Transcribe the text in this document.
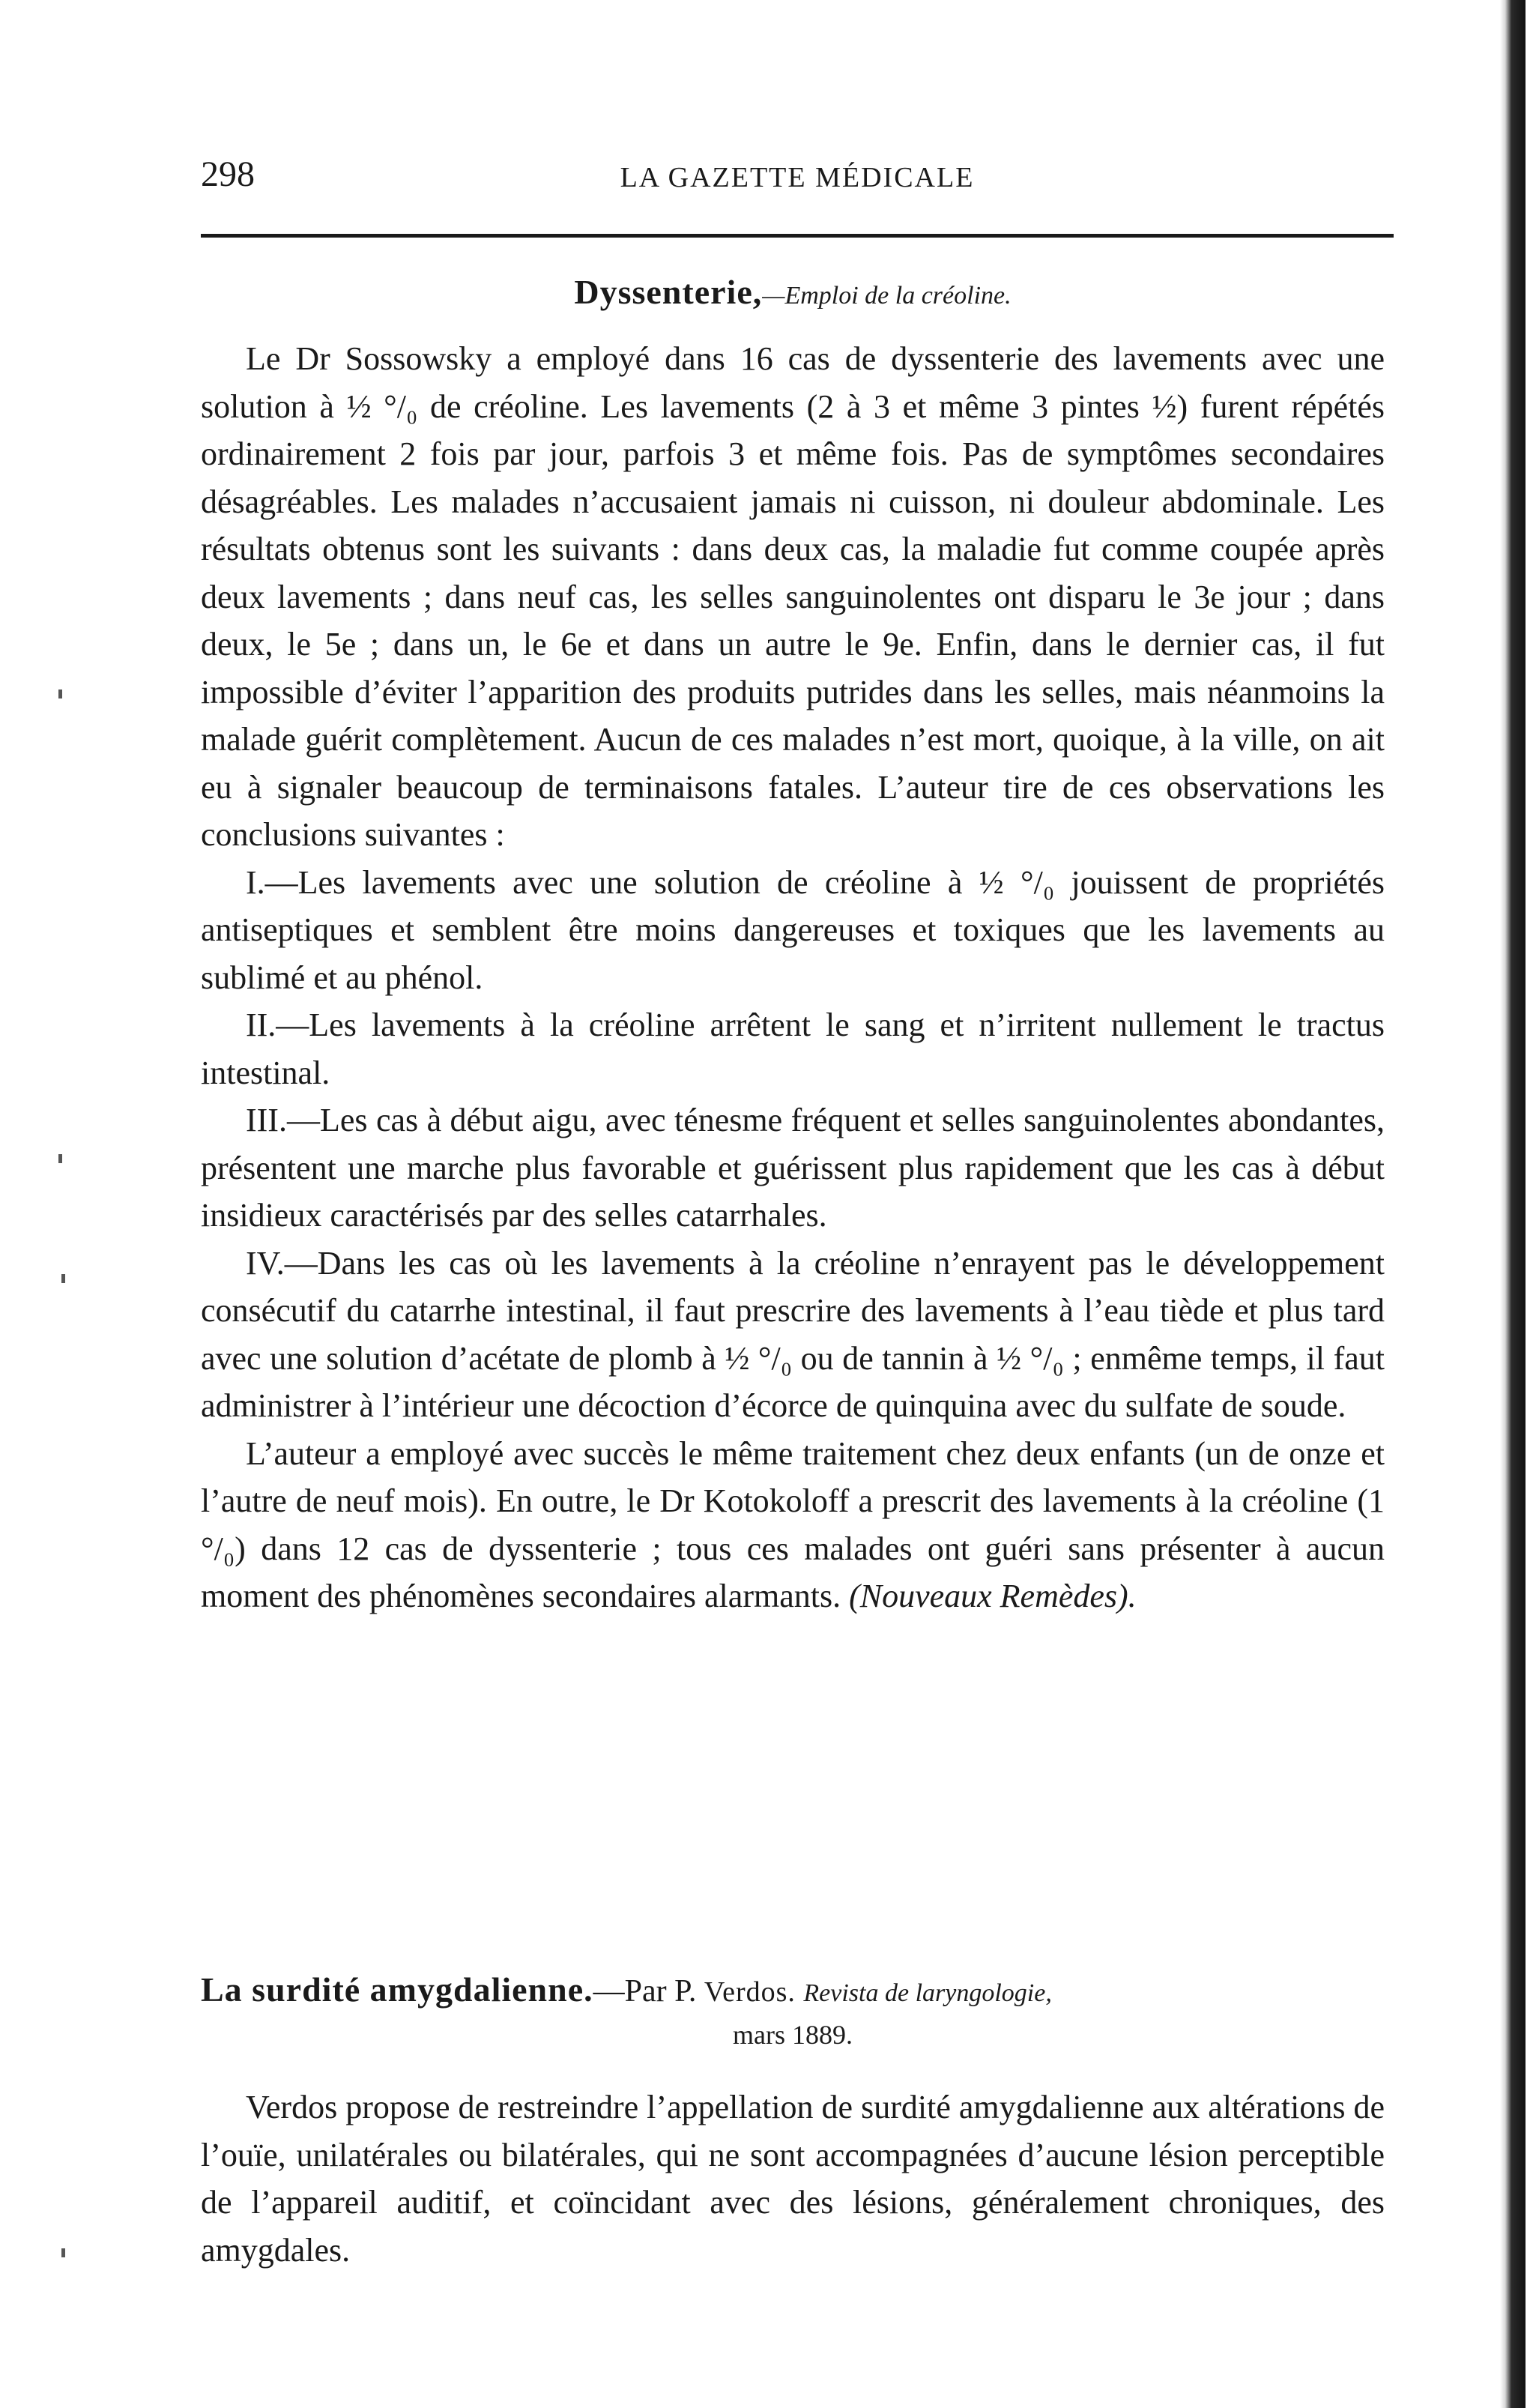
298	LA GAZETTE MÉDICALE
Dyssenterie,—Emploi de la créoline.

Le Dr Sossowsky a employé dans 16 cas de dyssenterie des lavements avec une solution à ½ °/₀ de créoline. Les lavements (2 à 3 et même 3 pintes ½) furent répétés ordinairement 2 fois par jour, parfois 3 et même fois. Pas de symptômes secondaires désagréables. Les malades n’accusaient jamais ni cuisson, ni douleur abdominale. Les résultats obtenus sont les suivants : dans deux cas, la maladie fut comme coupée après deux lavements ; dans neuf cas, les selles sanguinolentes ont disparu le 3e jour ; dans deux, le 5e ; dans un, le 6e et dans un autre le 9e. Enfin, dans le dernier cas, il fut impossible d’éviter l’apparition des produits putrides dans les selles, mais néanmoins la malade guérit complètement. Aucun de ces malades n’est mort, quoique, à la ville, on ait eu à signaler beaucoup de terminaisons fatales. L’auteur tire de ces observations les conclusions suivantes :

I.—Les lavements avec une solution de créoline à ½ °/₀ jouissent de propriétés antiseptiques et semblent être moins dangereuses et toxiques que les lavements au sublimé et au phénol.

II.—Les lavements à la créoline arrêtent le sang et n’irritent nullement le tractus intestinal.

III.—Les cas à début aigu, avec ténesme fréquent et selles sanguinolentes abondantes, présentent une marche plus favorable et guérissent plus rapidement que les cas à début insidieux caractérisés par des selles catarrhales.

IV.—Dans les cas où les lavements à la créoline n’enrayent pas le développement consécutif du catarrhe intestinal, il faut prescrire des lavements à l’eau tiède et plus tard avec une solution d’acétate de plomb à ½ °/₀ ou de tannin à ½ °/₀ ; enmême temps, il faut administrer à l’intérieur une décoction d’écorce de quinquina avec du sulfate de soude.

L’auteur a employé avec succès le même traitement chez deux enfants (un de onze et l’autre de neuf mois). En outre, le Dr Kotokoloff a prescrit des lavements à la créoline (1 °/₀) dans 12 cas de dyssenterie ; tous ces malades ont guéri sans présenter à aucun moment des phénomènes secondaires alarmants. (Nouveaux Remèdes).

La surdité amygdalienne.—Par P. Verdos. Revista de laryngologie,
mars 1889.

Verdos propose de restreindre l’appellation de surdité amygdalienne aux altérations de l’ouïe, unilatérales ou bilatérales, qui ne sont accompagnées d’aucune lésion perceptible de l’appareil auditif, et coïncidant avec des lésions, généralement chroniques, des amygdales.
